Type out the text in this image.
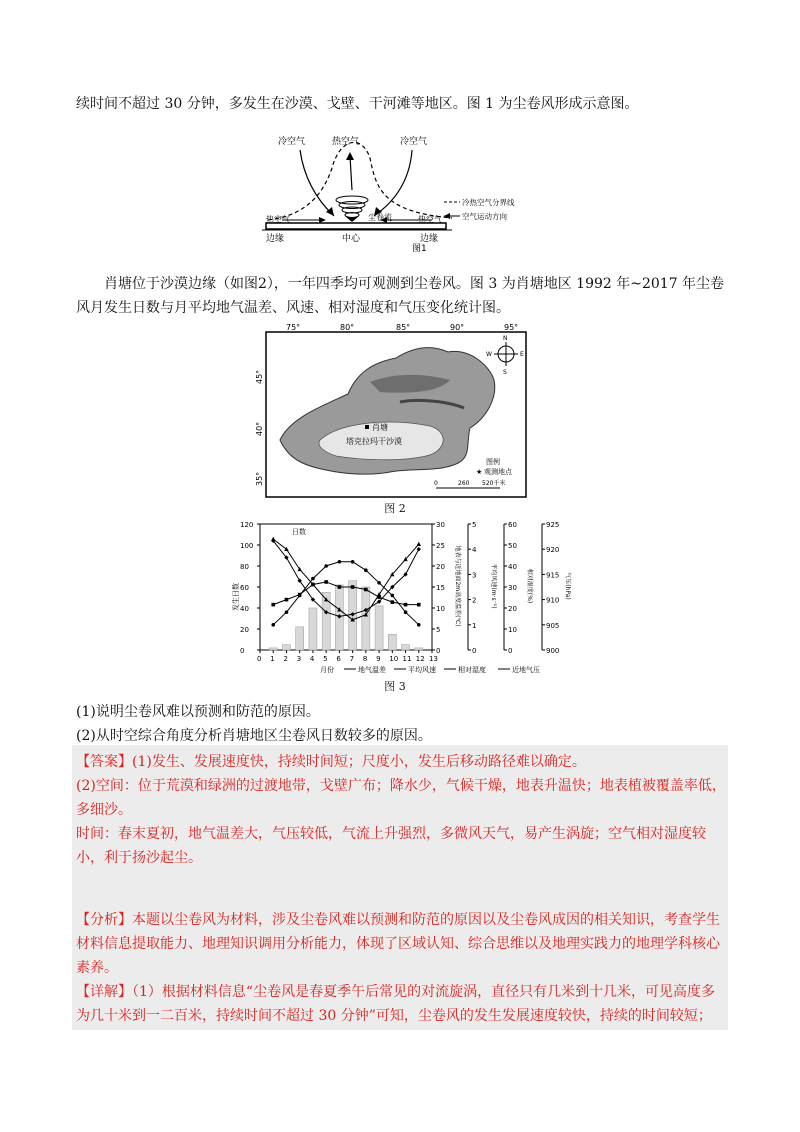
续时间不超过 30 分钟，多发生在沙漠、戈壁、干河滩等地区。图 1 为尘卷风形成示意图。

冷空气	热空气	冷空气
冷热空气分界线
空气运动方向
尘卷流
热空气	热空气
边缘	中心	边缘
图1

肖塘位于沙漠边缘（如图2），一年四季均可观测到尘卷风。图 3 为肖塘地区 1992 年~2017 年尘卷风月发生日数与月平均地气温差、风速、相对湿度和气压变化统计图。

75°	80°	85°	90°	95°
45°
40°
35°
肖塘
塔克拉玛干沙漠
N
S
W	E
图例
★ 观测地点
0	260 520千米
图 2
0 1 2 3 4 5 6 7 8 9 10 11 12 13
月份
0
20
40
60
80
100
120
发生日数
日数
0
5
10
15
20
25
30
地表与近地面2m高度温差(℃)
0
1
2
3
4
5
平均风速(m·s⁻¹)
0
10
20
30
40
50
60
相对湿度(%)
900
905
910
915
920
925
气压(hPa)
地气温差	平均风速	相对湿度	近地气压
图 3

(1)说明尘卷风难以预测和防范的原因。

(2)从时空综合角度分析肖塘地区尘卷风日数较多的原因。

【答案】(1)发生、发展速度快，持续时间短；尺度小，发生后移动路径难以确定。

(2)空间：位于荒漠和绿洲的过渡地带，戈壁广布；降水少，气候干燥，地表升温快；地表植被覆盖率低，多细沙。

时间：春末夏初，地气温差大，气压较低，气流上升强烈，多微风天气，易产生涡旋；空气相对湿度较小，利于扬沙起尘。

【分析】本题以尘卷风为材料，涉及尘卷风难以预测和防范的原因以及尘卷风成因的相关知识，考查学生材料信息提取能力、地理知识调用分析能力，体现了区域认知、综合思维以及地理实践力的地理学科核心素养。

【详解】（1）根据材料信息“尘卷风是春夏季午后常见的对流旋涡，直径只有几米到十几米，可见高度多为几十米到一二百米，持续时间不超过 30 分钟”可知，尘卷风的发生发展速度较快，持续的时间较短；
